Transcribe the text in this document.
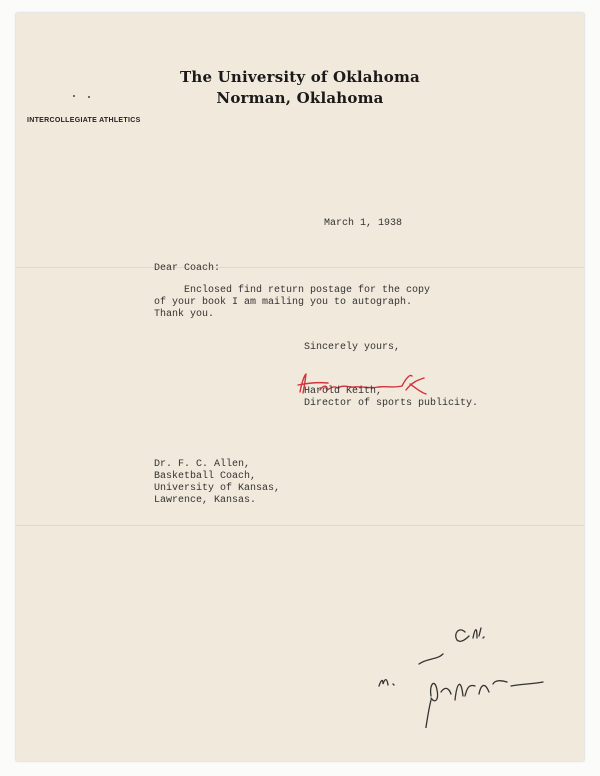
The University of Oklahoma
Norman, Oklahoma
INTERCOLLEGIATE ATHLETICS
March 1, 1938
Dear Coach:
Enclosed find return postage for the copy
of your book I am mailing you to autograph.
Thank you.
Sincerely yours,
Harold Keith,
Director of sports publicity.
Dr. F. C. Allen,
Basketball Coach,
University of Kansas,
Lawrence, Kansas.
